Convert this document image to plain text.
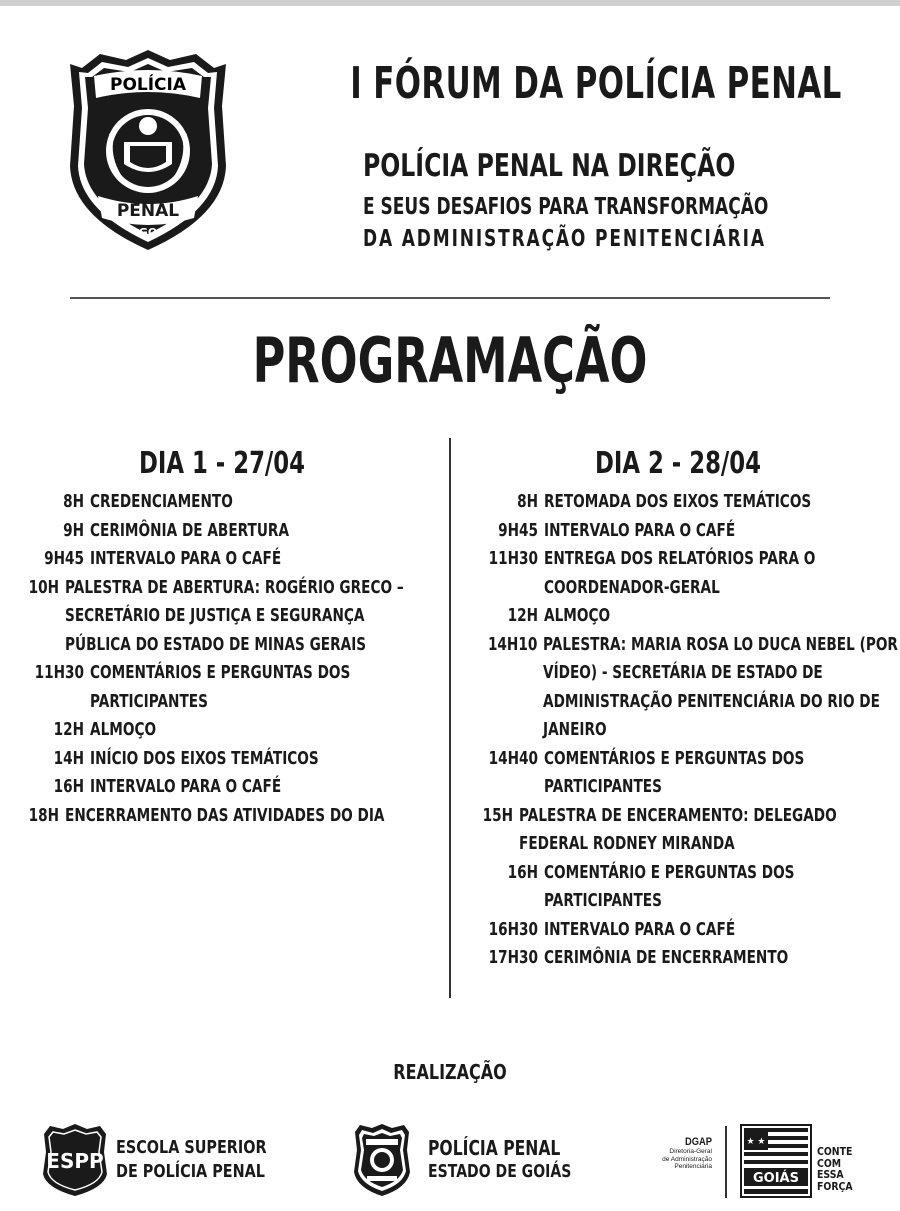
POLÍCIA
PENAL
GO
I FÓRUM DA POLÍCIA PENAL
POLÍCIA PENAL NA DIREÇÃO
E SEUS DESAFIOS PARA TRANSFORMAÇÃO
DA ADMINISTRAÇÃO PENITENCIÁRIA
PROGRAMAÇÃO
DIA 1 - 27/04	DIA 2 - 28/04
8H CREDENCIAMENTO
9H CERIMÔNIA DE ABERTURA
9H45 INTERVALO PARA O CAFÉ
10H PALESTRA DE ABERTURA: ROGÉRIO GRECO –
SECRETÁRIO DE JUSTIÇA E SEGURANÇA
PÚBLICA DO ESTADO DE MINAS GERAIS
11H30 COMENTÁRIOS E PERGUNTAS DOS
PARTICIPANTES
12H ALMOÇO
14H INÍCIO DOS EIXOS TEMÁTICOS
16H INTERVALO PARA O CAFÉ
18H ENCERRAMENTO DAS ATIVIDADES DO DIA
8H RETOMADA DOS EIXOS TEMÁTICOS
9H45 INTERVALO PARA O CAFÉ
11H30 ENTREGA DOS RELATÓRIOS PARA O
COORDENADOR-GERAL
12H ALMOÇO
14H10 PALESTRA: MARIA ROSA LO DUCA NEBEL (POR
VÍDEO) - SECRETÁRIA DE ESTADO DE
ADMINISTRAÇÃO PENITENCIÁRIA DO RIO DE
JANEIRO
14H40 COMENTÁRIOS E PERGUNTAS DOS
PARTICIPANTES
15H PALESTRA DE ENCERAMENTO: DELEGADO
FEDERAL RODNEY MIRANDA
16H COMENTÁRIO E PERGUNTAS DOS
PARTICIPANTES
16H30 INTERVALO PARA O CAFÉ
17H30 CERIMÔNIA DE ENCERRAMENTO
REALIZAÇÃO
ESPP
ESCOLA SUPERIOR
DE POLÍCIA PENAL
POLÍCIA PENAL
ESTADO DE GOIÁS
DGAP
Diretoria-Geral
de Administração
Penitenciária
★ ★
GOIÁS
CONTE
COM
ESSA
FORÇA
